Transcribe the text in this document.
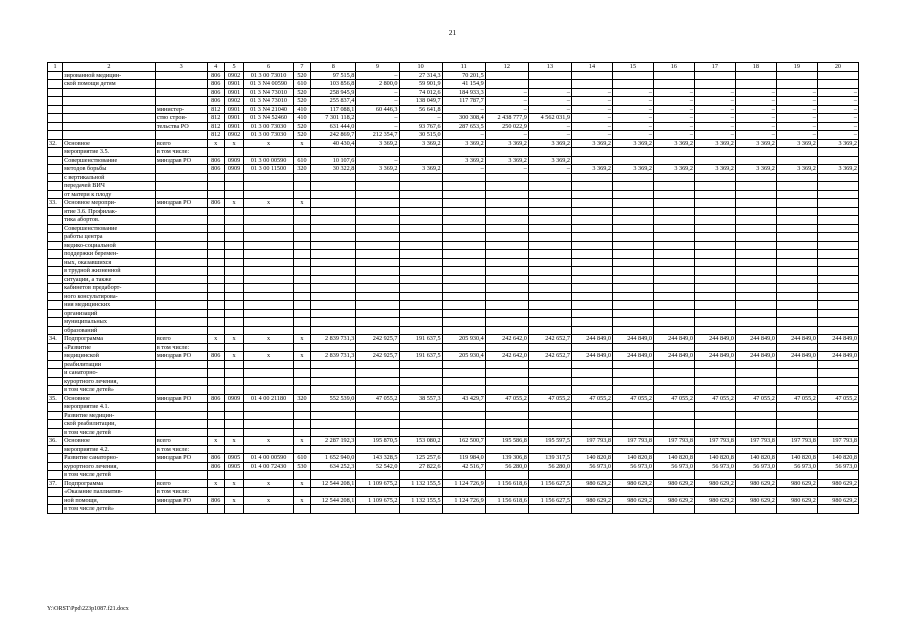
21
1	2	3	4	5	6	7	8	9	10	11	12	13	14	15	16	17	18	19	20
	зированной медицин-		806	0902	01 3 00 73010	520	97 515,8	–	27 314,3	70 201,5									
	ской помощи детям		806	0901	01 3 N4 00590	610	103 856,8	2 800,0	59 901,9	41 154,9									
			806	0901	01 3 N4 73010	520	258 945,9	–	74 012,6	184 933,3	–	–	–	–	–	–	–	–	–
			806	0902	01 3 N4 73010	520	255 837,4	–	138 049,7	117 787,7	–	–	–	–	–	–	–	–	–
		министер-	812	0901	01 3 N4 21040	410	117 088,1	60 446,3	56 641,8	–	–	–	–	–	–	–	–	–	–
		ство строи-	812	0901	01 3 N4 52460	410	7 301 118,2	–	–	300 308,4	2 438 777,9	4 562 031,9	–	–	–	–	–	–	–
		тельства РО	812	0901	01 3 00 73030	520	631 444,0	–	93 767,6	287 653,5	250 022,9	–	–	–	–	–	–	–	–
			812	0902	01 3 00 73030	520	242 869,7	212 354,7	30 515,0	–	–	–	–	–	–	–	–	–	–
32.	Основное	всего	x	x	x	x	40 430,4	3 369,2	3 369,2	3 369,2	3 369,2	3 369,2	3 369,2	3 369,2	3 369,2	3 369,2	3 369,2	3 369,2	3 369,2
	мероприятие 3.5.	в том числе:																	
	Совершенствование	минздрав РО	806	0909	01 3 00 00590	610	10 107,6	–		3 369,2	3 369,2	3 369,2							
	методов борьбы		806	0909	01 3 00 11500	320	30 322,8	3 369,2	3 369,2	–	–	–	3 369,2	3 369,2	3 369,2	3 369,2	3 369,2	3 369,2	3 369,2
	с вертикальной																		
	передачей ВИЧ																		
	от матери к плоду																		
33.	Основное меропри-	минздрав РО	806	x	x	x													
	ятие 3.6. Профилак-																		
	тика абортов.																		
	Совершенствование																		
	работы центра																		
	медико-социальной																		
	поддержки беремен-																		
	ных, оказавшихся																		
	в трудной жизненной																		
	ситуации, а также																		
	кабинетов предаборт-																		
	ного консультирова-																		
	ния медицинских																		
	организаций																		
	муниципальных																		
	образований																		
34.	Подпрограмма	всего	x	x	x	x	2 839 731,3	242 925,7	191 637,5	205 930,4	242 642,0	242 652,7	244 849,0	244 849,0	244 849,0	244 849,0	244 849,0	244 849,0	244 849,0
	«Развитие	в том числе:																	
	медицинской	минздрав РО	806	x	x	x	2 839 731,3	242 925,7	191 637,5	205 930,4	242 642,0	242 652,7	244 849,0	244 849,0	244 849,0	244 849,0	244 849,0	244 849,0	244 849,0
	реабилитации																		
	и санаторно-																		
	курортного лечения,																		
	в том числе детей»																		
35.	Основное	минздрав РО	806	0909	01 4 00 21180	320	552 539,0	47 055,2	38 557,3	43 429,7	47 055,2	47 055,2	47 055,2	47 055,2	47 055,2	47 055,2	47 055,2	47 055,2	47 055,2
	мероприятие 4.1.																		
	Развитие медицин-																		
	ской реабилитации,																		
	в том числе детей																		
36.	Основное	всего	x	x	x	x	2 287 192,3	195 870,5	153 080,2	162 500,7	195 586,8	195 597,5	197 793,8	197 793,8	197 793,8	197 793,8	197 793,8	197 793,8	197 793,8
	мероприятие 4.2.	в том числе:																	
	Развитие санаторно-	минздрав РО	806	0905	01 4 00 00590	610	1 652 940,0	143 328,5	125 257,6	119 984,0	139 306,8	139 317,5	140 820,8	140 820,8	140 820,8	140 820,8	140 820,8	140 820,8	140 820,8
	курортного лечения,		806	0905	01 4 00 72430	530	634 252,3	52 542,0	27 822,6	42 516,7	56 280,0	56 280,0	56 973,0	56 973,0	56 973,0	56 973,0	56 973,0	56 973,0	56 973,0
	в том числе детей																		
37.	Подпрограмма	всего	x	x	x	x	12 544 208,1	1 109 675,2	1 132 155,5	1 124 726,9	1 156 618,6	1 156 627,5	980 629,2	980 629,2	980 629,2	980 629,2	980 629,2	980 629,2	980 629,2
	«Оказание паллиатив-	в том числе:																	
	ной помощи,	минздрав РО	806	x	x	x	12 544 208,1	1 109 675,2	1 132 155,5	1 124 726,9	1 156 618,6	1 156 627,5	980 629,2	980 629,2	980 629,2	980 629,2	980 629,2	980 629,2	980 629,2
	в том числе детей»																		
Y:\ORST\Ppd\223p1087.f21.docx
